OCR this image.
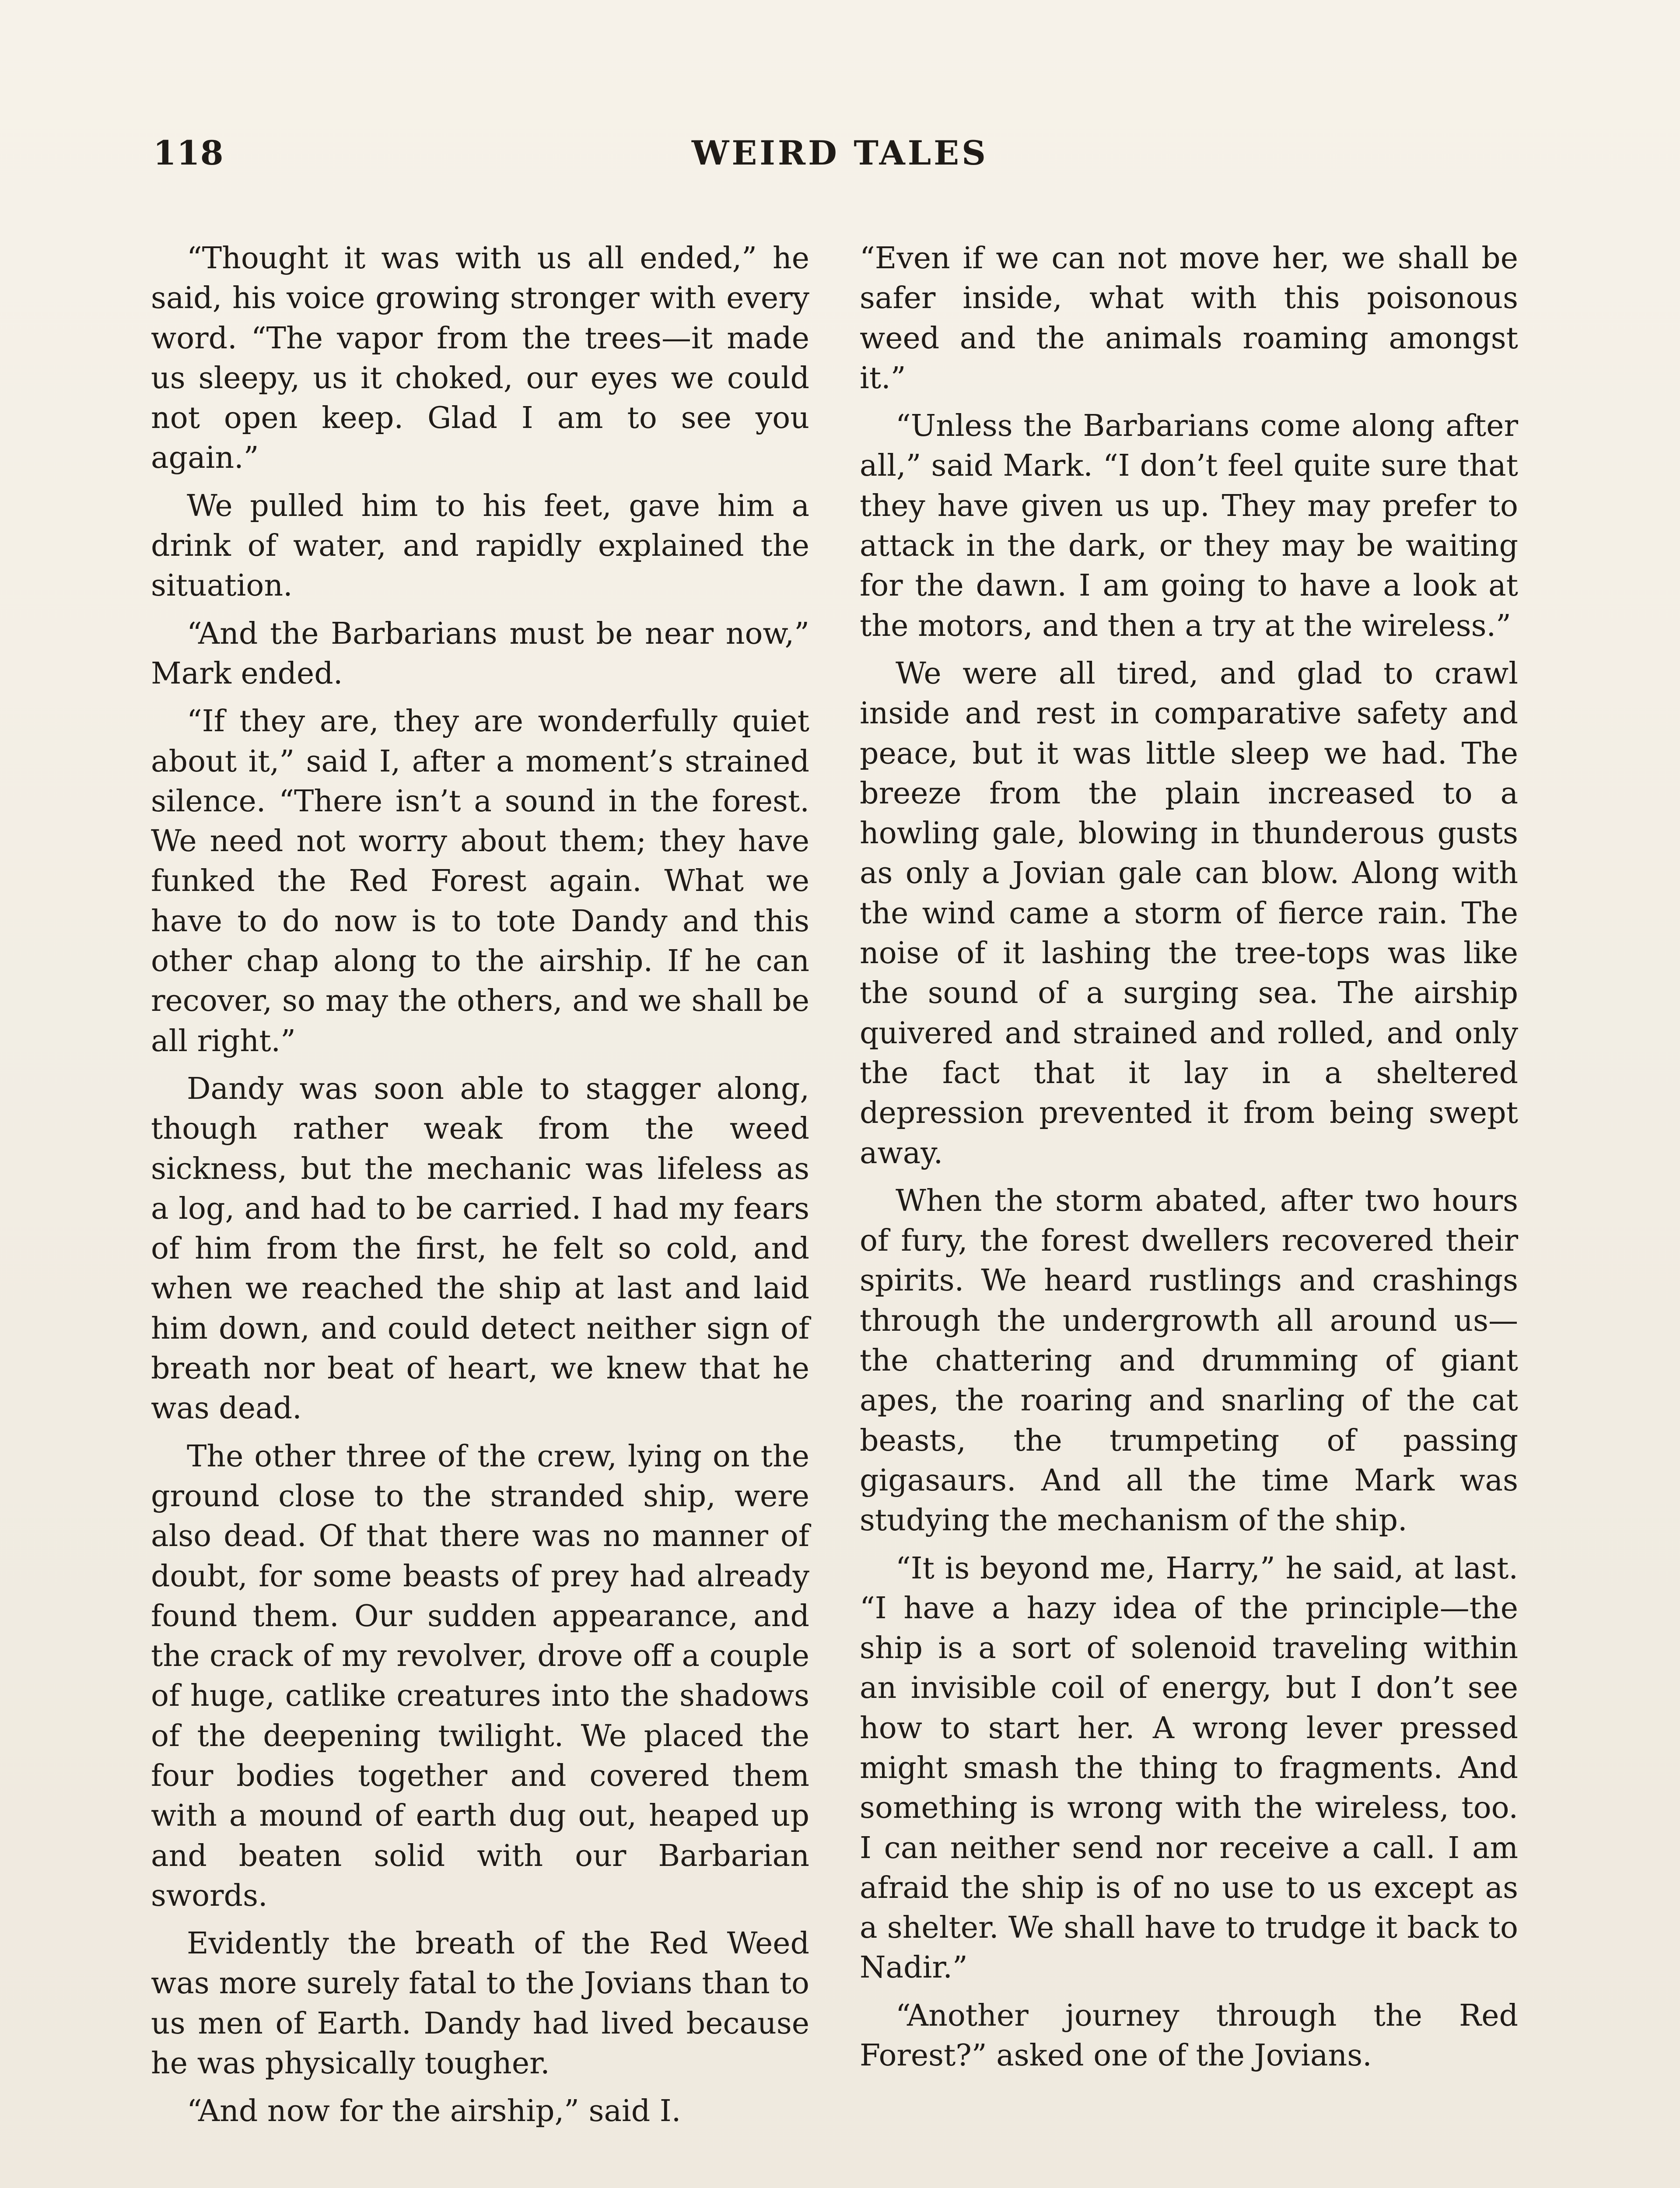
118	WEIRD TALES

“Thought it was with us all ended,” he said, his voice growing stronger with every word. “The vapor from the trees—it made us sleepy, us it choked, our eyes we could not open keep. Glad I am to see you again.”

We pulled him to his feet, gave him a drink of water, and rapidly explained the situation.

“And the Barbarians must be near now,” Mark ended.

“If they are, they are wonderfully quiet about it,” said I, after a moment’s strained silence. “There isn’t a sound in the forest. We need not worry about them; they have funked the Red Forest again. What we have to do now is to tote Dandy and this other chap along to the airship. If he can recover, so may the others, and we shall be all right.”

Dandy was soon able to stagger along, though rather weak from the weed sickness, but the mechanic was lifeless as a log, and had to be carried. I had my fears of him from the first, he felt so cold, and when we reached the ship at last and laid him down, and could detect neither sign of breath nor beat of heart, we knew that he was dead.

The other three of the crew, lying on the ground close to the stranded ship, were also dead. Of that there was no manner of doubt, for some beasts of prey had already found them. Our sudden appearance, and the crack of my revolver, drove off a couple of huge, catlike creatures into the shadows of the deepening twilight. We placed the four bodies together and covered them with a mound of earth dug out, heaped up and beaten solid with our Barbarian swords.

Evidently the breath of the Red Weed was more surely fatal to the Jovians than to us men of Earth. Dandy had lived because he was physically tougher.

“And now for the airship,” said I.

“Even if we can not move her, we shall be safer inside, what with this poisonous weed and the animals roaming amongst it.”

“Unless the Barbarians come along after all,” said Mark. “I don’t feel quite sure that they have given us up. They may prefer to attack in the dark, or they may be waiting for the dawn. I am going to have a look at the motors, and then a try at the wireless.”

We were all tired, and glad to crawl inside and rest in comparative safety and peace, but it was little sleep we had. The breeze from the plain increased to a howling gale, blowing in thunderous gusts as only a Jovian gale can blow. Along with the wind came a storm of fierce rain. The noise of it lashing the tree-tops was like the sound of a surging sea. The airship quivered and strained and rolled, and only the fact that it lay in a sheltered depression prevented it from being swept away.

When the storm abated, after two hours of fury, the forest dwellers recovered their spirits. We heard rustlings and crashings through the undergrowth all around us—the chattering and drumming of giant apes, the roaring and snarling of the cat beasts, the trumpeting of passing gigasaurs. And all the time Mark was studying the mechanism of the ship.

“It is beyond me, Harry,” he said, at last. “I have a hazy idea of the principle—the ship is a sort of solenoid traveling within an invisible coil of energy, but I don’t see how to start her. A wrong lever pressed might smash the thing to fragments. And something is wrong with the wireless, too. I can neither send nor receive a call. I am afraid the ship is of no use to us except as a shelter. We shall have to trudge it back to Nadir.”

“Another journey through the Red Forest?” asked one of the Jovians.
